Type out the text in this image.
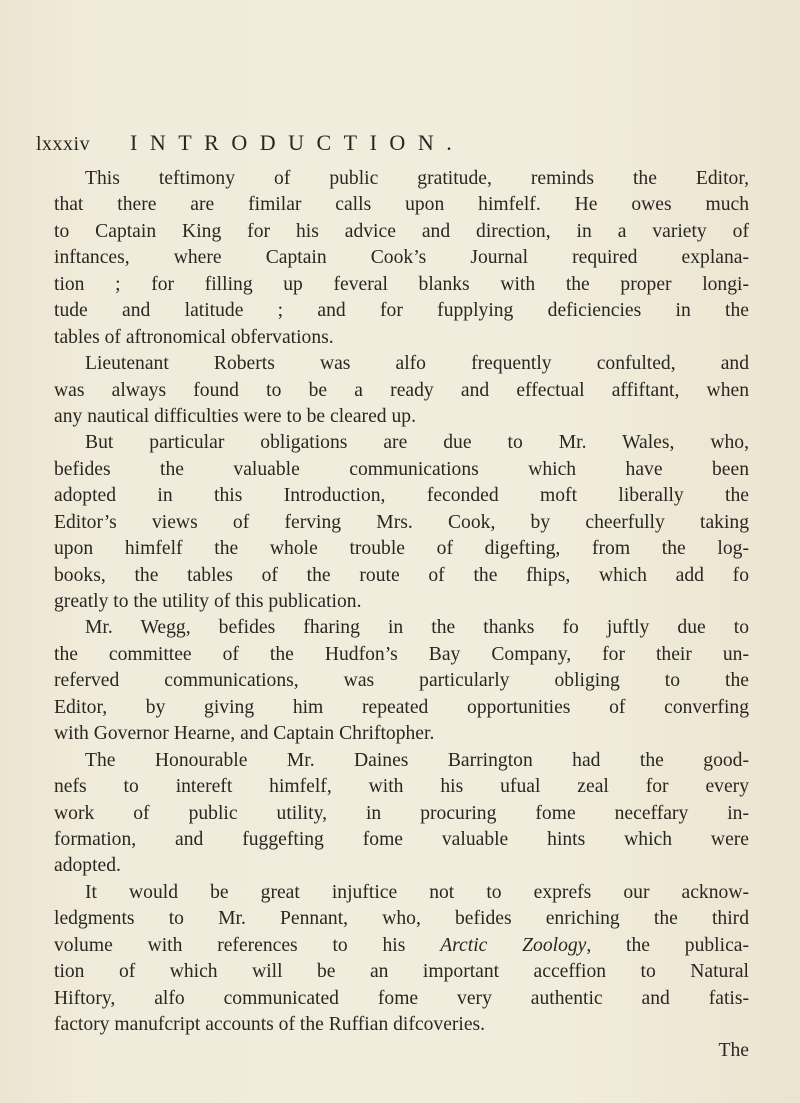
lxxxiv INTRODUCTION.
This teftimony of public gratitude, reminds the Editor,
that there are fimilar calls upon himfelf. He owes much
to Captain King for his advice and direction, in a variety of
inftances, where Captain Cook’s Journal required explana-
tion ; for filling up feveral blanks with the proper longi-
tude and latitude ; and for fupplying deficiencies in the
tables of aftronomical obfervations.
Lieutenant Roberts was alfo frequently confulted, and
was always found to be a ready and effectual affiftant, when
any nautical difficulties were to be cleared up.
But particular obligations are due to Mr. Wales, who,
befides the valuable communications which have been
adopted in this Introduction, feconded moft liberally the
Editor’s views of ferving Mrs. Cook, by cheerfully taking
upon himfelf the whole trouble of digefting, from the log-
books, the tables of the route of the fhips, which add fo
greatly to the utility of this publication.
Mr. Wegg, befides fharing in the thanks fo juftly due to
the committee of the Hudfon’s Bay Company, for their un-
referved communications, was particularly obliging to the
Editor, by giving him repeated opportunities of converfing
with Governor Hearne, and Captain Chriftopher.
The Honourable Mr. Daines Barrington had the good-
nefs to intereft himfelf, with his ufual zeal for every
work of public utility, in procuring fome neceffary in-
formation, and fuggefting fome valuable hints which were
adopted.
It would be great injuftice not to exprefs our acknow-
ledgments to Mr. Pennant, who, befides enriching the third
volume with references to his Arctic Zoology, the publica-
tion of which will be an important acceffion to Natural
Hiftory, alfo communicated fome very authentic and fatis-
factory manufcript accounts of the Ruffian difcoveries.
The
